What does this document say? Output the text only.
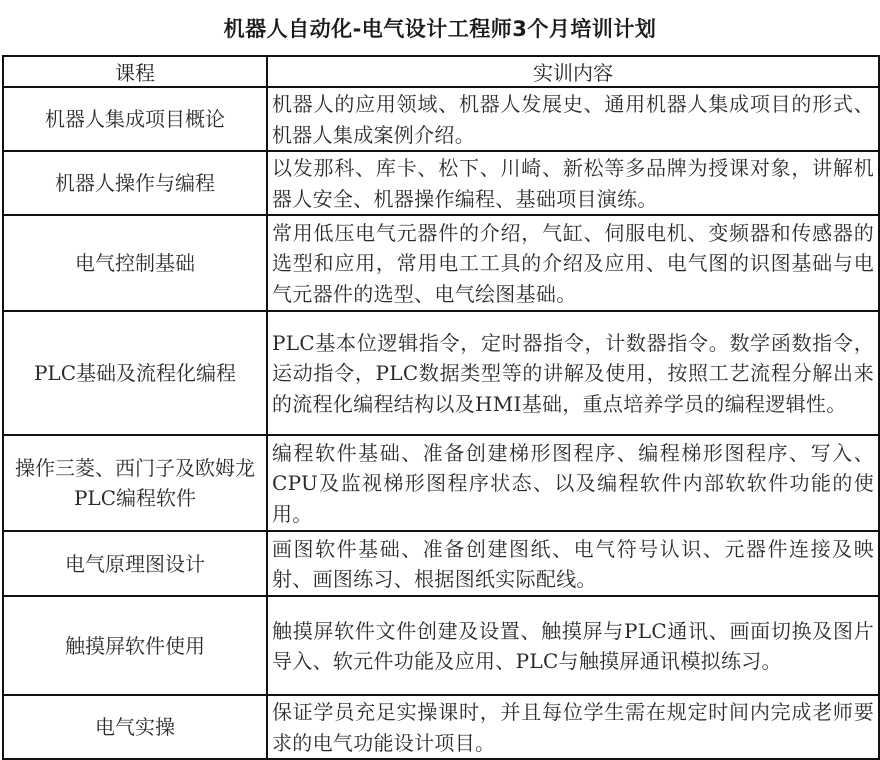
机器人自动化-电气设计工程师3个月培训计划
课程	实训内容
机器人集成项目概论	机器人的应用领域、机器人发展史、通用机器人集成项目的形式、机器人集成案例介绍。
机器人操作与编程	以发那科、库卡、松下、川崎、新松等多品牌为授课对象，讲解机器人安全、机器操作编程、基础项目演练。
电气控制基础	常用低压电气元器件的介绍，气缸、伺服电机、变频器和传感器的选型和应用，常用电工工具的介绍及应用、电气图的识图基础与电气元器件的选型、电气绘图基础。
PLC基础及流程化编程	PLC基本位逻辑指令，定时器指令，计数器指令。数学函数指令，运动指令，PLC数据类型等的讲解及使用，按照工艺流程分解出来的流程化编程结构以及HMI基础，重点培养学员的编程逻辑性。
操作三菱、西门子及欧姆龙PLC编程软件	编程软件基础、准备创建梯形图程序、编程梯形图程序、写入、 CPU及监视梯形图程序状态、以及编程软件内部软软件功能的使用。
电气原理图设计	画图软件基础、准备创建图纸、电气符号认识、元器件连接及映射、画图练习、根据图纸实际配线。
触摸屏软件使用	触摸屏软件文件创建及设置、触摸屏与PLC通讯、画面切换及图片导入、软元件功能及应用、PLC与触摸屏通讯模拟练习。
电气实操	保证学员充足实操课时，并且每位学生需在规定时间内完成老师要求的电气功能设计项目。
